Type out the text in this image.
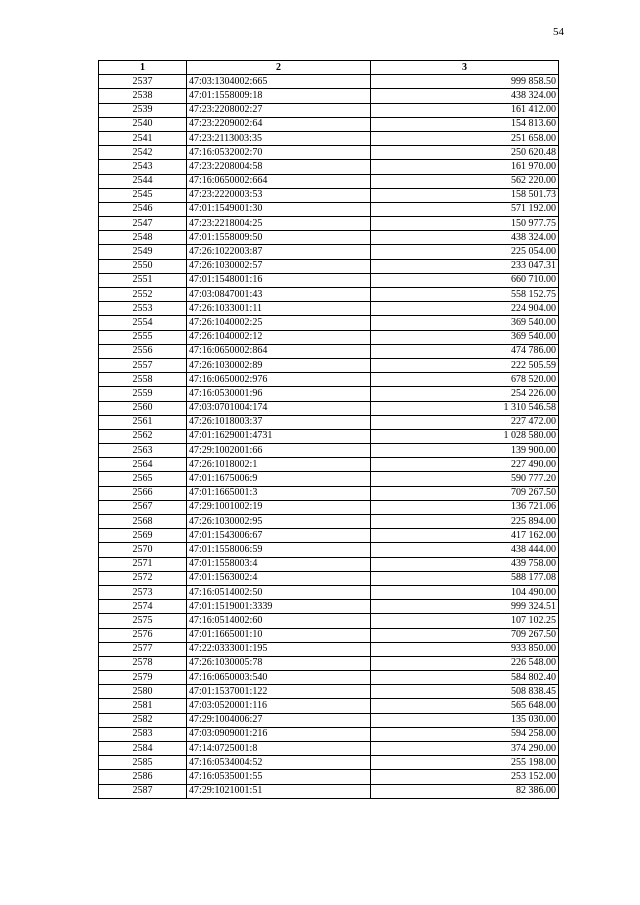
54
1	2	3
2537	47:03:1304002:665	999 858.50
2538	47:01:1558009:18	438 324.00
2539	47:23:2208002:27	161 412.00
2540	47:23:2209002:64	154 813.60
2541	47:23:2113003:35	251 658.00
2542	47:16:0532002:70	250 620.48
2543	47:23:2208004:58	161 970.00
2544	47:16:0650002:664	562 220.00
2545	47:23:2220003:53	158 501.73
2546	47:01:1549001:30	571 192.00
2547	47:23:2218004:25	150 977.75
2548	47:01:1558009:50	438 324.00
2549	47:26:1022003:87	225 054.00
2550	47:26:1030002:57	233 047.31
2551	47:01:1548001:16	660 710.00
2552	47:03:0847001:43	558 152.75
2553	47:26:1033001:11	224 904.00
2554	47:26:1040002:25	369 540.00
2555	47:26:1040002:12	369 540.00
2556	47:16:0650002:864	474 786.00
2557	47:26:1030002:89	222 505.59
2558	47:16:0650002:976	678 520.00
2559	47:16:0530001:96	254 226.00
2560	47:03:0701004:174	1 310 546.58
2561	47:26:1018003:37	227 472.00
2562	47:01:1629001:4731	1 028 580.00
2563	47:29:1002001:66	139 900.00
2564	47:26:1018002:1	227 490.00
2565	47:01:1675006:9	590 777.20
2566	47:01:1665001:3	709 267.50
2567	47:29:1001002:19	136 721.06
2568	47:26:1030002:95	225 894.00
2569	47:01:1543006:67	417 162.00
2570	47:01:1558006:59	438 444.00
2571	47:01:1558003:4	439 758.00
2572	47:01:1563002:4	588 177.08
2573	47:16:0514002:50	104 490.00
2574	47:01:1519001:3339	999 324.51
2575	47:16:0514002:60	107 102.25
2576	47:01:1665001:10	709 267.50
2577	47:22:0333001:195	933 850.00
2578	47:26:1030005:78	226 548.00
2579	47:16:0650003:540	584 802.40
2580	47:01:1537001:122	508 838.45
2581	47:03:0520001:116	565 648.00
2582	47:29:1004006:27	135 030.00
2583	47:03:0909001:216	594 258.00
2584	47:14:0725001:8	374 290.00
2585	47:16:0534004:52	255 198.00
2586	47:16:0535001:55	253 152.00
2587	47:29:1021001:51	82 386.00
